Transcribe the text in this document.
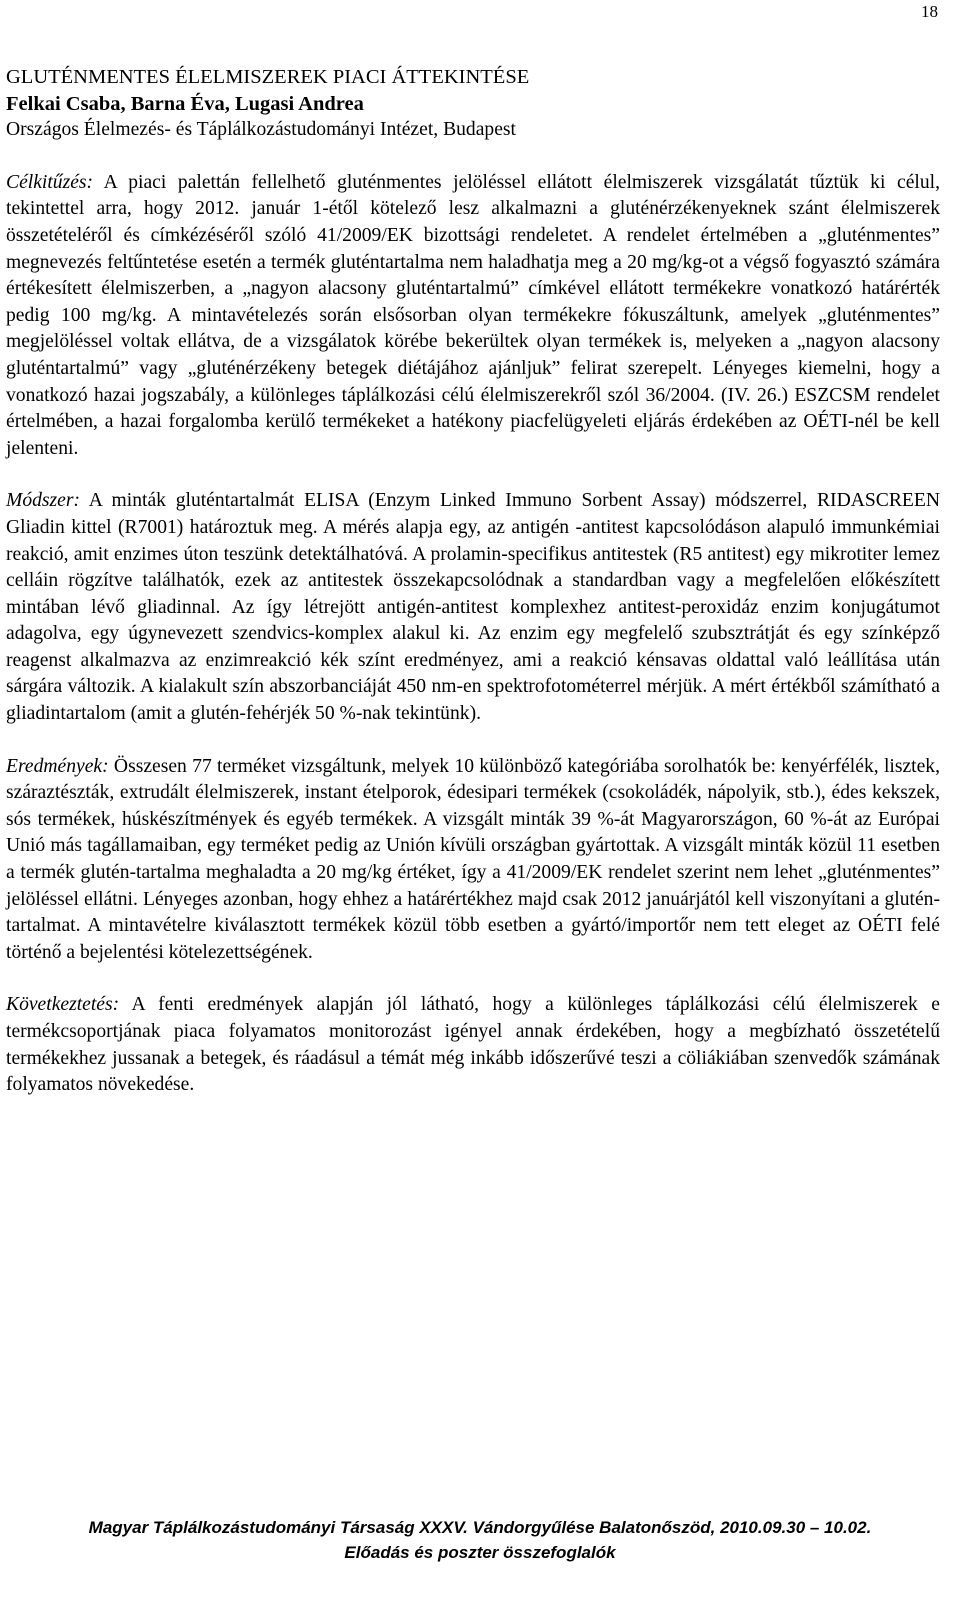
18

GLUTÉNMENTES ÉLELMISZEREK PIACI ÁTTEKINTÉSE

Felkai Csaba, Barna Éva, Lugasi Andrea

Országos Élelmezés- és Táplálkozástudományi Intézet, Budapest

Célkitűzés: A piaci palettán fellelhető gluténmentes jelöléssel ellátott élelmiszerek vizsgálatát tűztük ki célul, tekintettel arra, hogy 2012. január 1-étől kötelező lesz alkalmazni a gluténérzékenyeknek szánt élelmiszerek összetételéről és címkézéséről szóló 41/2009/EK bizottsági rendeletet. A rendelet értelmében a „gluténmentes” megnevezés feltűntetése esetén a termék gluténtartalma nem haladhatja meg a 20 mg/kg-ot a végső fogyasztó számára értékesített élelmiszerben, a „nagyon alacsony gluténtartalmú” címkével ellátott termékekre vonatkozó határérték pedig 100 mg/kg. A mintavételezés során elsősorban olyan termékekre fókuszáltunk, amelyek „gluténmentes” megjelöléssel voltak ellátva, de a vizsgálatok körébe bekerültek olyan termékek is, melyeken a „nagyon alacsony gluténtartalmú” vagy „gluténérzékeny betegek diétájához ajánljuk” felirat szerepelt. Lényeges kiemelni, hogy a vonatkozó hazai jogszabály, a különleges táplálkozási célú élelmiszerekről szól 36/2004. (IV. 26.) ESZCSM rendelet értelmében, a hazai forgalomba kerülő termékeket a hatékony piacfelügyeleti eljárás érdekében az OÉTI-nél be kell jelenteni.

Módszer: A minták gluténtartalmát ELISA (Enzym Linked Immuno Sorbent Assay) módszerrel, RIDASCREEN Gliadin kittel (R7001) határoztuk meg. A mérés alapja egy, az antigén -antitest kapcsolódáson alapuló immunkémiai reakció, amit enzimes úton teszünk detektálhatóvá. A prolamin-specifikus antitestek (R5 antitest) egy mikrotiter lemez celláin rögzítve találhatók, ezek az antitestek összekapcsolódnak a standardban vagy a megfelelően előkészített mintában lévő gliadinnal. Az így létrejött antigén-antitest komplexhez antitest-peroxidáz enzim konjugátumot adagolva, egy úgynevezett szendvics-komplex alakul ki. Az enzim egy megfelelő szubsztrátját és egy színképző reagenst alkalmazva az enzimreakció kék színt eredményez, ami a reakció kénsavas oldattal való leállítása után sárgára változik. A kialakult szín abszorbanciáját 450 nm-en spektrofotométerrel mérjük. A mért értékből számítható a gliadintartalom (amit a glutén-fehérjék 50 %-nak tekintünk).

Eredmények: Összesen 77 terméket vizsgáltunk, melyek 10 különböző kategóriába sorolhatók be: kenyérfélék, lisztek, száraztészták, extrudált élelmiszerek, instant ételporok, édesipari termékek (csokoládék, nápolyik, stb.), édes kekszek, sós termékek, húskészítmények és egyéb termékek. A vizsgált minták 39 %-át Magyarországon, 60 %-át az Európai Unió más tagállamaiban, egy terméket pedig az Unión kívüli országban gyártottak. A vizsgált minták közül 11 esetben a termék glutén-tartalma meghaladta a 20 mg/kg értéket, így a 41/2009/EK rendelet szerint nem lehet „gluténmentes” jelöléssel ellátni. Lényeges azonban, hogy ehhez a határértékhez majd csak 2012 januárjától kell viszonyítani a glutén-tartalmat. A mintavételre kiválasztott termékek közül több esetben a gyártó/importőr nem tett eleget az OÉTI felé történő a bejelentési kötelezettségének.

Következtetés: A fenti eredmények alapján jól látható, hogy a különleges táplálkozási célú élelmiszerek e termékcsoportjának piaca folyamatos monitorozást igényel annak érdekében, hogy a megbízható összetételű termékekhez jussanak a betegek, és ráadásul a témát még inkább időszerűvé teszi a cöliákiában szenvedők számának folyamatos növekedése.

Magyar Táplálkozástudományi Társaság XXXV. Vándorgyűlése Balatonőszöd, 2010.09.30 – 10.02.
Előadás és poszter összefoglalók
